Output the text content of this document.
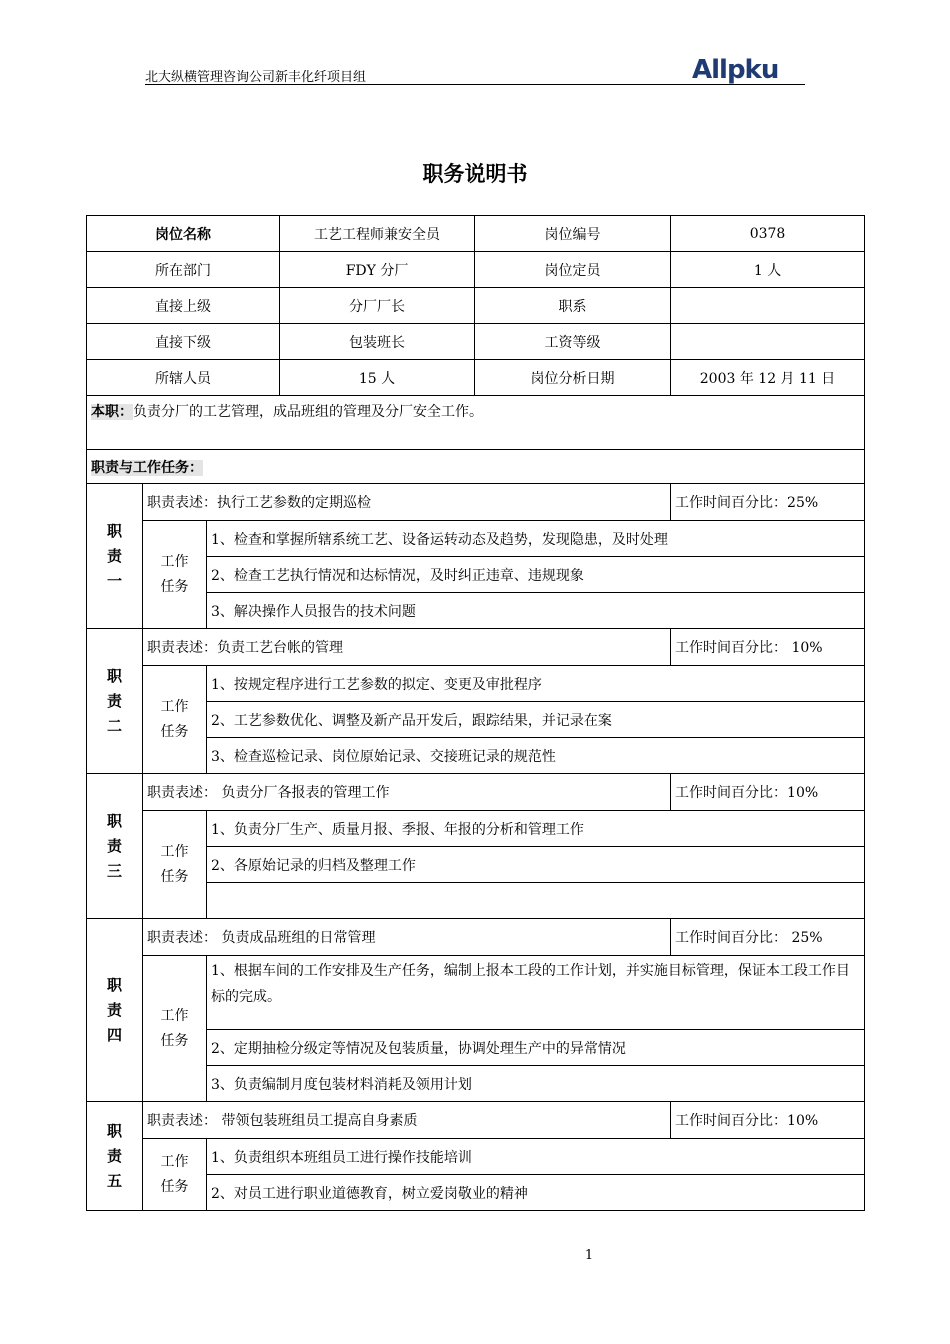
北大纵横管理咨询公司新丰化纤项目组	Allpku
职务说明书
岗位名称			工艺工程师兼安全员	岗位编号	0378
所在部门			FDY 分厂	岗位定员	1 人
直接上级			分厂厂长	职系	
直接下级			包装班长	工资等级	
所辖人员			15 人	岗位分析日期	2003 年 12 月 11 日
本职：负责分厂的工艺管理，成品班组的管理及分厂安全工作。					
职责与工作任务：					

职
责
一	职责表述：执行工艺参数的定期巡检				工作时间百分比：25%

	工作
任务	1、检查和掌握所辖系统工艺、设备运转动态及趋势，发现隐患，及时处理			
		2、检查工艺执行情况和达标情况，及时纠正违章、违规现象			
		3、解决操作人员报告的技术问题			

职
责
二	职责表述：负责工艺台帐的管理				工作时间百分比： 10%

	工作
任务	1、按规定程序进行工艺参数的拟定、变更及审批程序			
		2、工艺参数优化、调整及新产品开发后，跟踪结果，并记录在案			
		3、检查巡检记录、岗位原始记录、交接班记录的规范性			

职
责
三	职责表述： 负责分厂各报表的管理工作				工作时间百分比：10%

	工作
任务	1、负责分厂生产、质量月报、季报、年报的分析和管理工作			
		2、各原始记录的归档及整理工作			

职
责
四	职责表述： 负责成品班组的日常管理				工作时间百分比： 25%

	工作
任务	1、根据车间的工作安排及生产任务，编制上报本工段的工作计划，并实施目标管理，保证本工段工作目标的完成。			
		2、定期抽检分级定等情况及包装质量，协调处理生产中的异常情况			
		3、负责编制月度包装材料消耗及领用计划			

职
责
五	职责表述： 带领包装班组员工提高自身素质				工作时间百分比：10%

	工作
任务	1、负责组织本班组员工进行操作技能培训			
		2、对员工进行职业道德教育，树立爱岗敬业的精神			
1
